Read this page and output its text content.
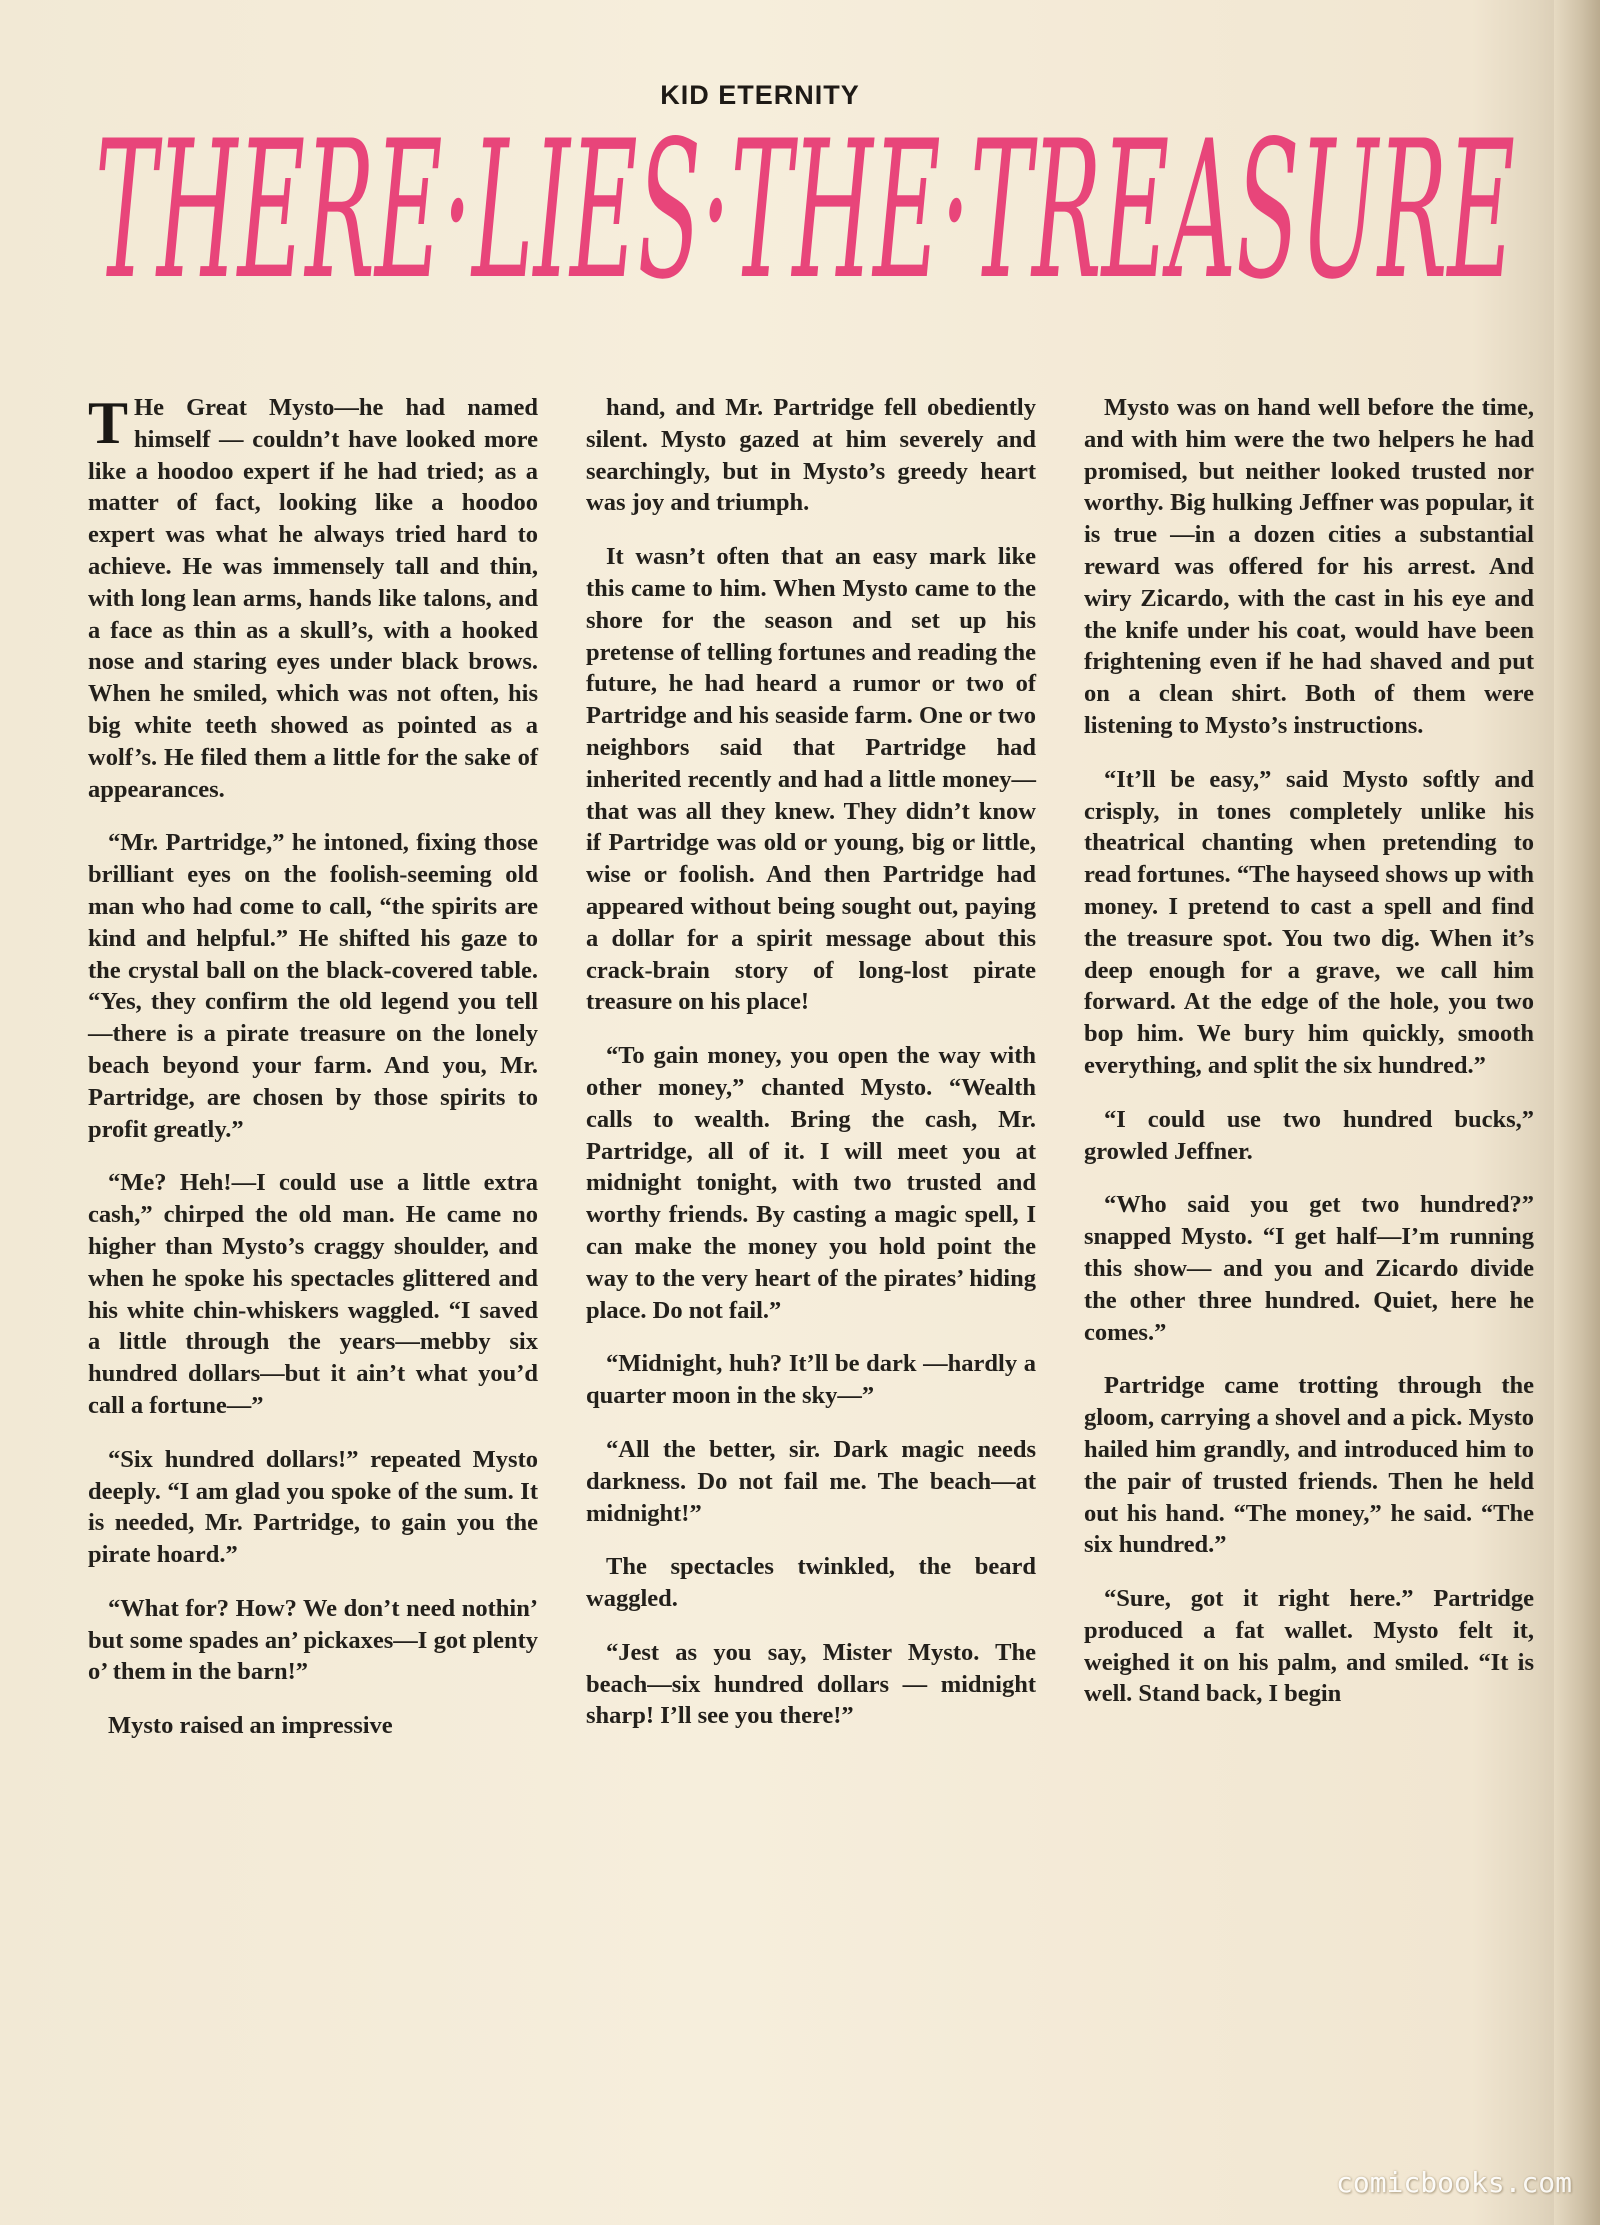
KID ETERNITY
THERE·LIES·THE·TREASURE

T He Great Mysto—he had named himself — couldn’t have looked more like a hoodoo expert if he had tried; as a matter of fact, looking like a hoodoo expert was what he always tried hard to achieve. He was immensely tall and thin, with long lean arms, hands like talons, and a face as thin as a skull’s, with a hooked nose and staring eyes under black brows. When he smiled, which was not often, his big white teeth showed as pointed as a wolf’s. He filed them a little for the sake of appearances.

“Mr. Partridge,” he intoned, fixing those brilliant eyes on the foolish-seeming old man who had come to call, “the spirits are kind and helpful.” He shifted his gaze to the crystal ball on the black-covered table. “Yes, they confirm the old legend you tell—there is a pirate treasure on the lonely beach beyond your farm. And you, Mr. Partridge, are chosen by those spirits to profit greatly.”

“Me? Heh!—I could use a little extra cash,” chirped the old man. He came no higher than Mysto’s craggy shoulder, and when he spoke his spectacles glittered and his white chin-whiskers waggled. “I saved a little through the years—mebby six hundred dollars—but it ain’t what you’d call a fortune—”

“Six hundred dollars!” repeated Mysto deeply. “I am glad you spoke of the sum. It is needed, Mr. Partridge, to gain you the pirate hoard.”

“What for? How? We don’t need nothin’ but some spades an’ pickaxes—I got plenty o’ them in the barn!”

Mysto raised an impressive

hand, and Mr. Partridge fell obediently silent. Mysto gazed at him severely and searchingly, but in Mysto’s greedy heart was joy and triumph.

It wasn’t often that an easy mark like this came to him. When Mysto came to the shore for the season and set up his pretense of telling fortunes and reading the future, he had heard a rumor or two of Partridge and his seaside farm. One or two neighbors said that Partridge had inherited recently and had a little money—that was all they knew. They didn’t know if Partridge was old or young, big or little, wise or foolish. And then Partridge had appeared without being sought out, paying a dollar for a spirit message about this crack-brain story of long-lost pirate treasure on his place!

“To gain money, you open the way with other money,” chanted Mysto. “Wealth calls to wealth. Bring the cash, Mr. Partridge, all of it. I will meet you at midnight tonight, with two trusted and worthy friends. By casting a magic spell, I can make the money you hold point the way to the very heart of the pirates’ hiding place. Do not fail.”

“Midnight, huh? It’ll be dark —hardly a quarter moon in the sky—”

“All the better, sir. Dark magic needs darkness. Do not fail me. The beach—at midnight!”

The spectacles twinkled, the beard waggled.

“Jest as you say, Mister Mysto. The beach—six hundred dollars — midnight sharp! I’ll see you there!”

Mysto was on hand well before the time, and with him were the two helpers he had promised, but neither looked trusted nor worthy. Big hulking Jeffner was popular, it is true —in a dozen cities a substantial reward was offered for his arrest. And wiry Zicardo, with the cast in his eye and the knife under his coat, would have been frightening even if he had shaved and put on a clean shirt. Both of them were listening to Mysto’s instructions.

“It’ll be easy,” said Mysto softly and crisply, in tones completely unlike his theatrical chanting when pretending to read fortunes. “The hayseed shows up with money. I pretend to cast a spell and find the treasure spot. You two dig. When it’s deep enough for a grave, we call him forward. At the edge of the hole, you two bop him. We bury him quickly, smooth everything, and split the six hundred.”

“I could use two hundred bucks,” growled Jeffner.

“Who said you get two hundred?” snapped Mysto. “I get half—I’m running this show— and you and Zicardo divide the other three hundred. Quiet, here he comes.”

Partridge came trotting through the gloom, carrying a shovel and a pick. Mysto hailed him grandly, and introduced him to the pair of trusted friends. Then he held out his hand. “The money,” he said. “The six hundred.”

“Sure, got it right here.” Partridge produced a fat wallet. Mysto felt it, weighed it on his palm, and smiled. “It is well. Stand back, I begin

comicbooks.com
